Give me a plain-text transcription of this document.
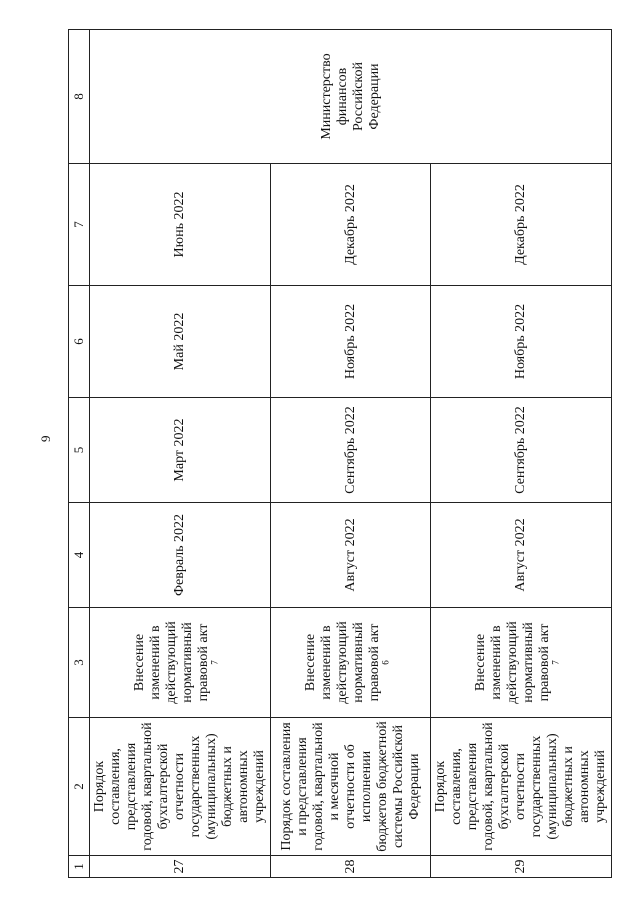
9
1	2	3	4	5	6	7	8
27	Порядок составления, представления годовой, квартальной бухгалтерской отчетности государственных (муниципальных) бюджетных и автономных учреждений	Внесение изменений в действующий нормативный правовой акт$^7$	Февраль 2022	Март 2022	Май 2022	Июнь 2022	Министерство финансов Российской Федерации
28	Порядок составления и представления годовой, квартальной и месячной отчетности об исполнении бюджетов бюджетной системы Российской Федерации	Внесение изменений в действующий нормативный правовой акт$^6$	Август 2022	Сентябрь 2022	Ноябрь 2022	Декабрь 2022	
29	Порядок составления, представления годовой, квартальной бухгалтерской отчетности государственных (муниципальных) бюджетных и автономных учреждений	Внесение изменений в действующий нормативный правовой акт$^7$	Август 2022	Сентябрь 2022	Ноябрь 2022	Декабрь 2022	
